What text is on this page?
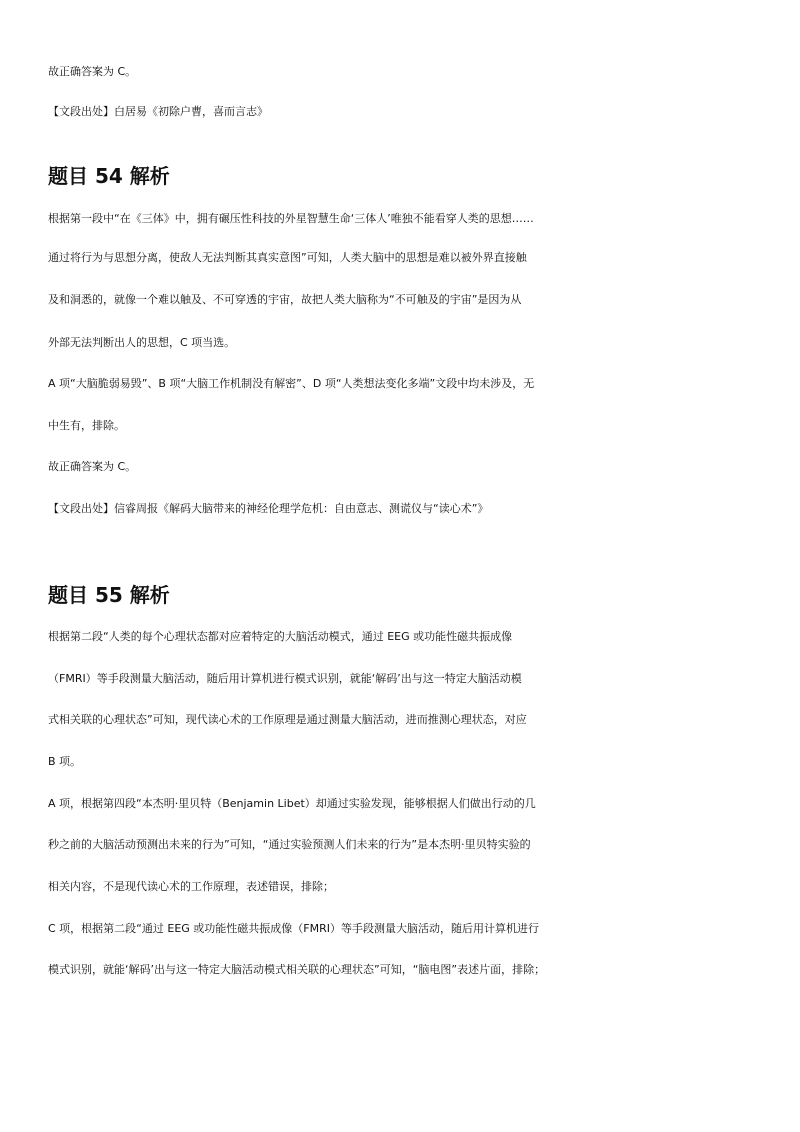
故正确答案为 C。
【文段出处】白居易《初除户曹，喜而言志》
题目 54 解析
根据第一段中“在《三体》中，拥有碾压性科技的外星智慧生命‘三体人’唯独不能看穿人类的思想……
通过将行为与思想分离，使敌人无法判断其真实意图”可知，人类大脑中的思想是难以被外界直接触
及和洞悉的，就像一个难以触及、不可穿透的宇宙，故把人类大脑称为“不可触及的宇宙”是因为从
外部无法判断出人的思想，C 项当选。
A 项“大脑脆弱易毁”、B 项“大脑工作机制没有解密”、D 项“人类想法变化多端”文段中均未涉及，无
中生有，排除。
故正确答案为 C。
【文段出处】信睿周报《解码大脑带来的神经伦理学危机：自由意志、测谎仪与“读心术”》
题目 55 解析
根据第二段“人类的每个心理状态都对应着特定的大脑活动模式，通过 EEG 或功能性磁共振成像
（FMRI）等手段测量大脑活动，随后用计算机进行模式识别，就能‘解码’出与这一特定大脑活动模
式相关联的心理状态”可知，现代读心术的工作原理是通过测量大脑活动，进而推测心理状态，对应
B 项。
A 项，根据第四段“本杰明·里贝特（Benjamin Libet）却通过实验发现，能够根据人们做出行动的几
秒之前的大脑活动预测出未来的行为”可知，“通过实验预测人们未来的行为”是本杰明·里贝特实验的
相关内容，不是现代读心术的工作原理，表述错误，排除；
C 项，根据第二段“通过 EEG 或功能性磁共振成像（FMRI）等手段测量大脑活动，随后用计算机进行
模式识别，就能‘解码’出与这一特定大脑活动模式相关联的心理状态”可知，“脑电图”表述片面，排除；
